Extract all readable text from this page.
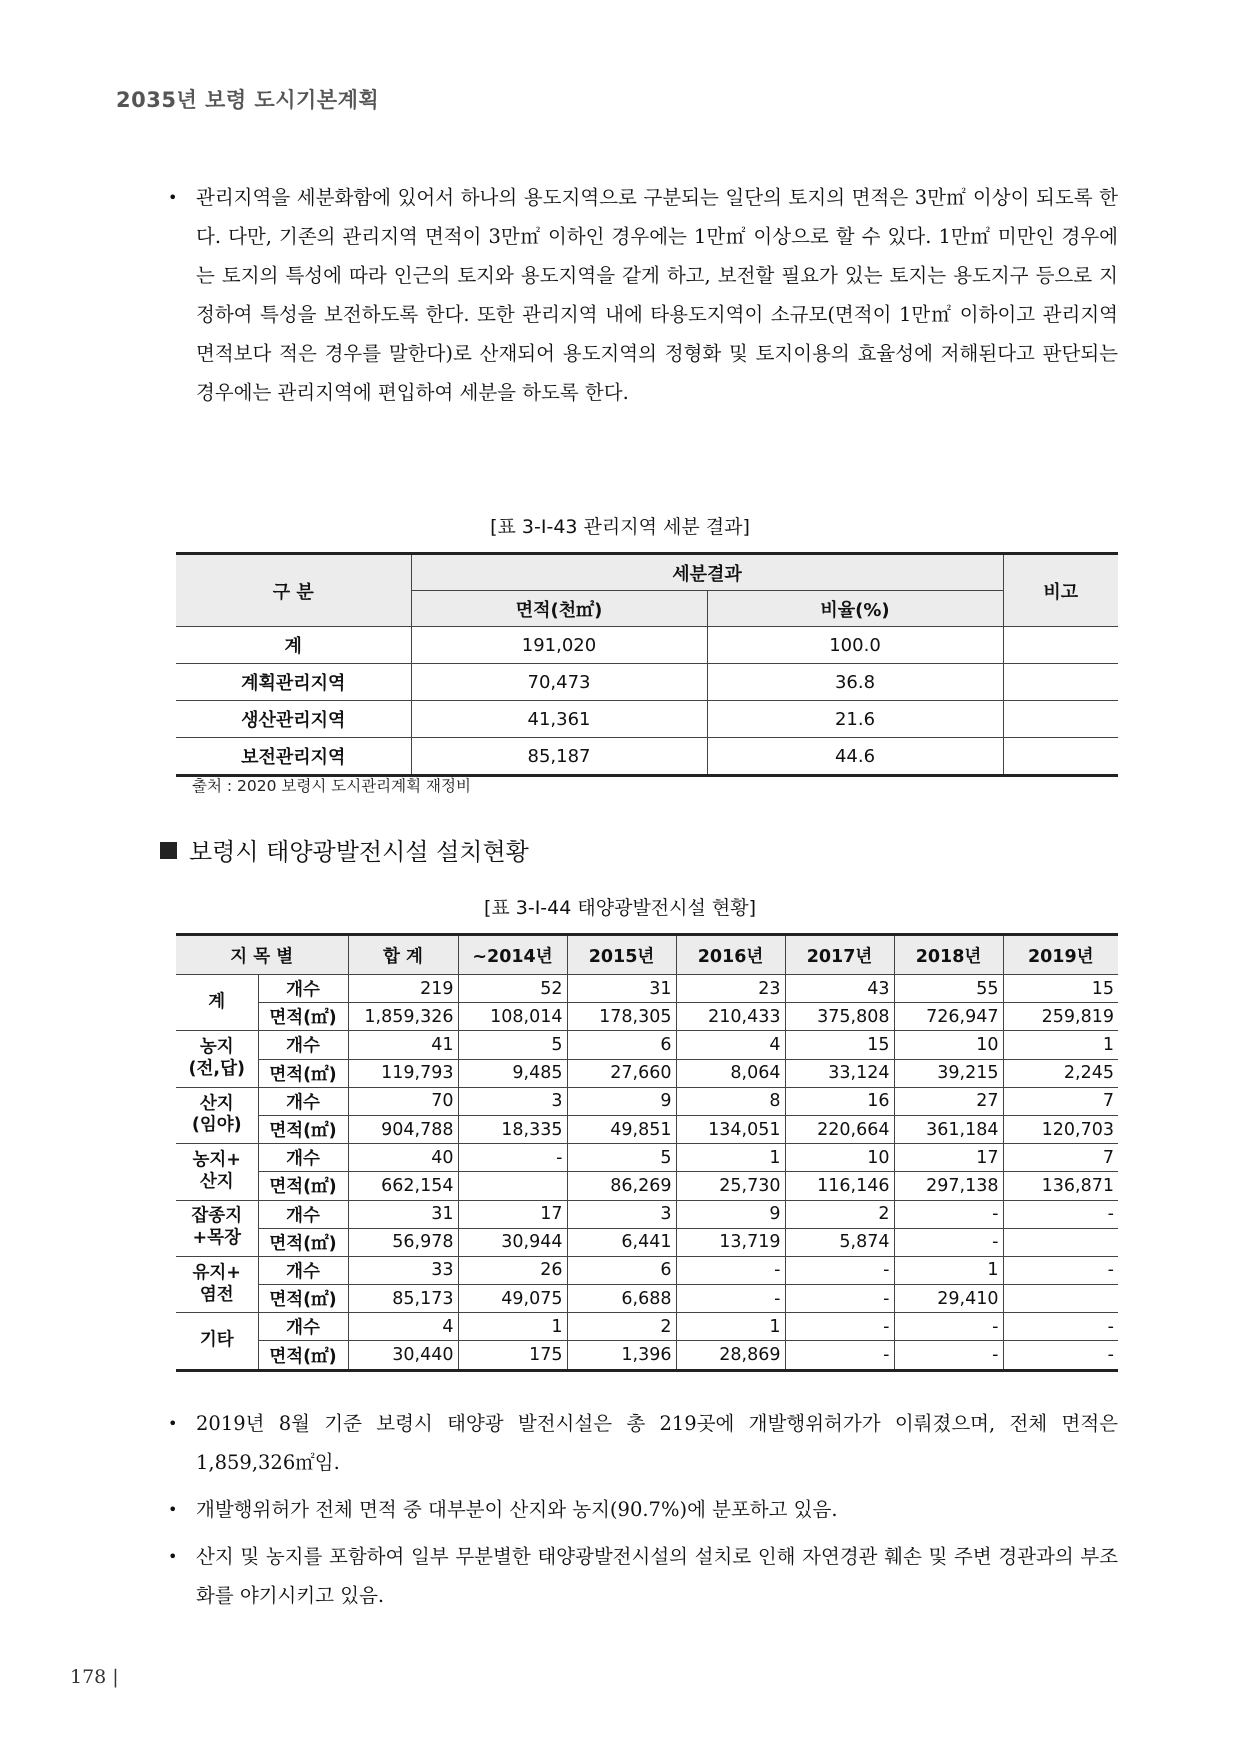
2035년 보령 도시기본계획
• 관리지역을 세분화함에 있어서 하나의 용도지역으로 구분되는 일단의 토지의 면적은 3만㎡ 이상이 되도록 한다. 다만, 기존의 관리지역 면적이 3만㎡ 이하인 경우에는 1만㎡ 이상으로 할 수 있다. 1만㎡ 미만인 경우에는 토지의 특성에 따라 인근의 토지와 용도지역을 같게 하고, 보전할 필요가 있는 토지는 용도지구 등으로 지정하여 특성을 보전하도록 한다. 또한 관리지역 내에 타용도지역이 소규모(면적이 1만㎡ 이하이고 관리지역 면적보다 적은 경우를 말한다)로 산재되어 용도지역의 정형화 및 토지이용의 효율성에 저해된다고 판단되는 경우에는 관리지역에 편입하여 세분을 하도록 한다.
[표 3-Ⅰ-43 관리지역 세분 결과]
구 분	세분결과		비고
	면적(천㎡)	비율(%)	
계	191,020	100.0	
계획관리지역	70,473	36.8	
생산관리지역	41,361	21.6	
보전관리지역	85,187	44.6	
출처 : 2020 보령시 도시관리계획 재정비
보령시 태양광발전시설 설치현황
[표 3-Ⅰ-44 태양광발전시설 현황]
지 목 별		합 계	~2014년	2015년	2016년	2017년	2018년	2019년
계	개수	219	52	31	23	43	55	15
	면적(㎡)	1,859,326	108,014	178,305	210,433	375,808	726,947	259,819
농지
(전,답)	개수	41	5	6	4	15	10	1
	면적(㎡)	119,793	9,485	27,660	8,064	33,124	39,215	2,245
산지
(임야)	개수	70	3	9	8	16	27	7
	면적(㎡)	904,788	18,335	49,851	134,051	220,664	361,184	120,703
농지+
산지	개수	40	-	5	1	10	17	7
	면적(㎡)	662,154		86,269	25,730	116,146	297,138	136,871
잡종지
+목장	개수	31	17	3	9	2	-	-
	면적(㎡)	56,978	30,944	6,441	13,719	5,874	-	
유지+
염전	개수	33	26	6	-	-	1	-
	면적(㎡)	85,173	49,075	6,688	-	-	29,410	
기타	개수	4	1	2	1	-	-	-
	면적(㎡)	30,440	175	1,396	28,869	-	-	-
• 2019년 8월 기준 보령시 태양광 발전시설은 총 219곳에 개발행위허가가 이뤄졌으며, 전체 면적은 1,859,326㎡임.
• 개발행위허가 전체 면적 중 대부분이 산지와 농지(90.7%)에 분포하고 있음.
• 산지 및 농지를 포함하여 일부 무분별한 태양광발전시설의 설치로 인해 자연경관 훼손 및 주변 경관과의 부조화를 야기시키고 있음.
178 |
